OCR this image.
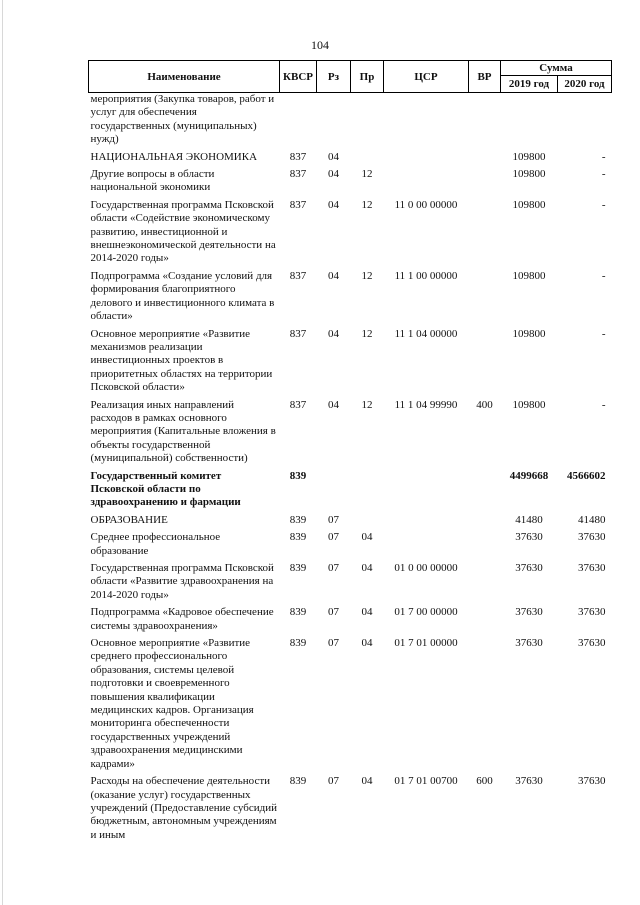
104
Наименование	КВСР	Рз	Пр	ЦСР	ВР	Сумма	
						2019 год	2020 год
мероприятия (Закупка товаров, работ и услуг для обеспечения государственных (муниципальных) нужд)							
НАЦИОНАЛЬНАЯ ЭКОНОМИКА	837	04				109800	-
Другие вопросы в области национальной экономики	837	04	12			109800	-
Государственная программа Псковской области «Содействие экономическому развитию, инвестиционной и внешнеэкономической деятельности на 2014-2020 годы»	837	04	12	11 0 00 00000		109800	-
Подпрограмма «Создание условий для формирования благоприятного делового и инвестиционного климата в области»	837	04	12	11 1 00 00000		109800	-
Основное мероприятие «Развитие механизмов реализации инвестиционных проектов в приоритетных областях на территории Псковской области»	837	04	12	11 1 04 00000		109800	-
Реализация иных направлений расходов в рамках основного мероприятия (Капитальные вложения в объекты государственной (муниципальной) собственности)	837	04	12	11 1 04 99990	400	109800	-
Государственный комитет Псковской области по здравоохранению и фармации	839					4499668	4566602
ОБРАЗОВАНИЕ	839	07				41480	41480
Среднее профессиональное образование	839	07	04			37630	37630
Государственная программа Псковской области «Развитие здравоохранения на 2014-2020 годы»	839	07	04	01 0 00 00000		37630	37630
Подпрограмма «Кадровое обеспечение системы здравоохранения»	839	07	04	01 7 00 00000		37630	37630
Основное мероприятие «Развитие среднего профессионального образования, системы целевой подготовки и своевременного повышения квалификации медицинских кадров. Организация мониторинга обеспеченности государственных учреждений здравоохранения медицинскими кадрами»	839	07	04	01 7 01 00000		37630	37630
Расходы на обеспечение деятельности (оказание услуг) государственных учреждений (Предоставление субсидий бюджетным, автономным учреждениям и иным	839	07	04	01 7 01 00700	600	37630	37630
